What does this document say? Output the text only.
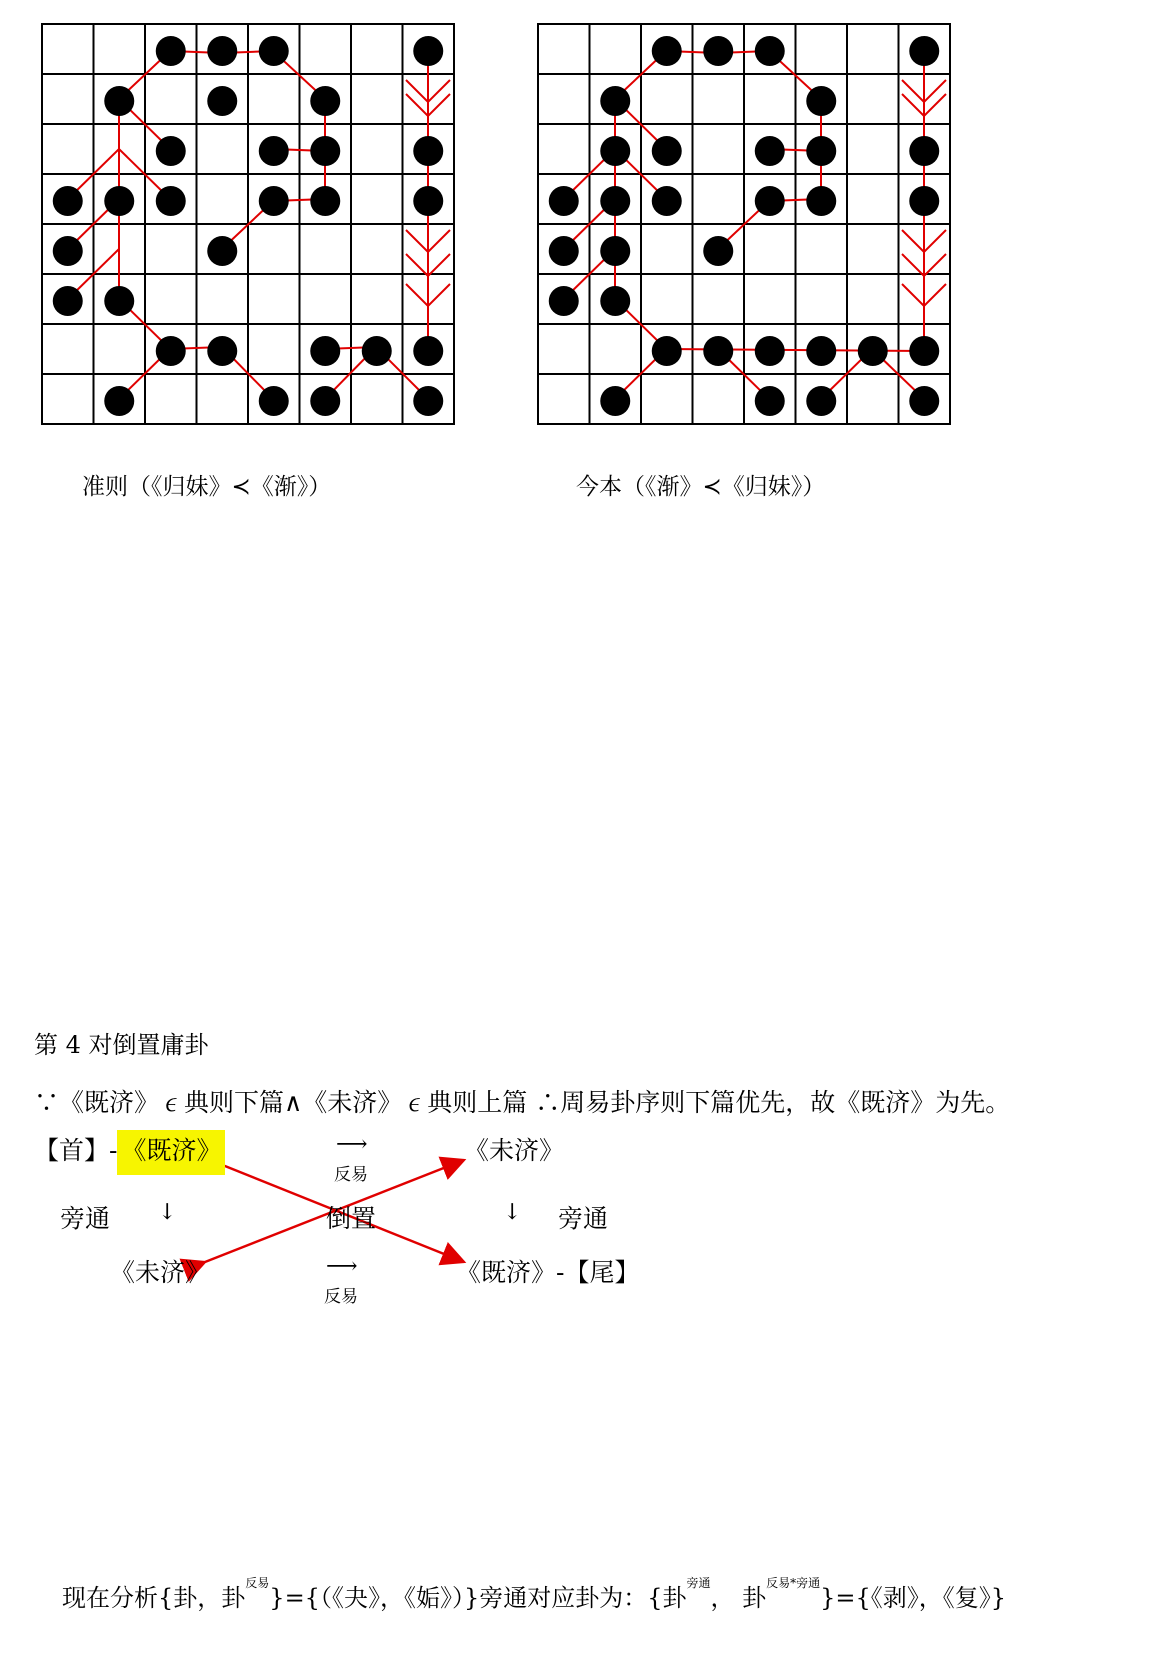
准则（《归妹》≺《渐》）	今本（《渐》≺《归妹》）
第 4 对倒置庸卦
∵《既济》∊典则下篇∧《未济》∊典则上篇 ∴周易卦序则下篇优先，故《既济》为先。
【首】- 《既济》	⟶
反易
《未济》
旁通 ↓	倒置	↓ 旁通
《未济》	⟶
反易
《既济》-【尾】
现在分析{卦，卦$^{反易}$}={（《夬》，《姤》）}旁通对应卦为：{卦$^{旁通}$， 卦$^{反易*旁通}$}={《剥》，《复》}
